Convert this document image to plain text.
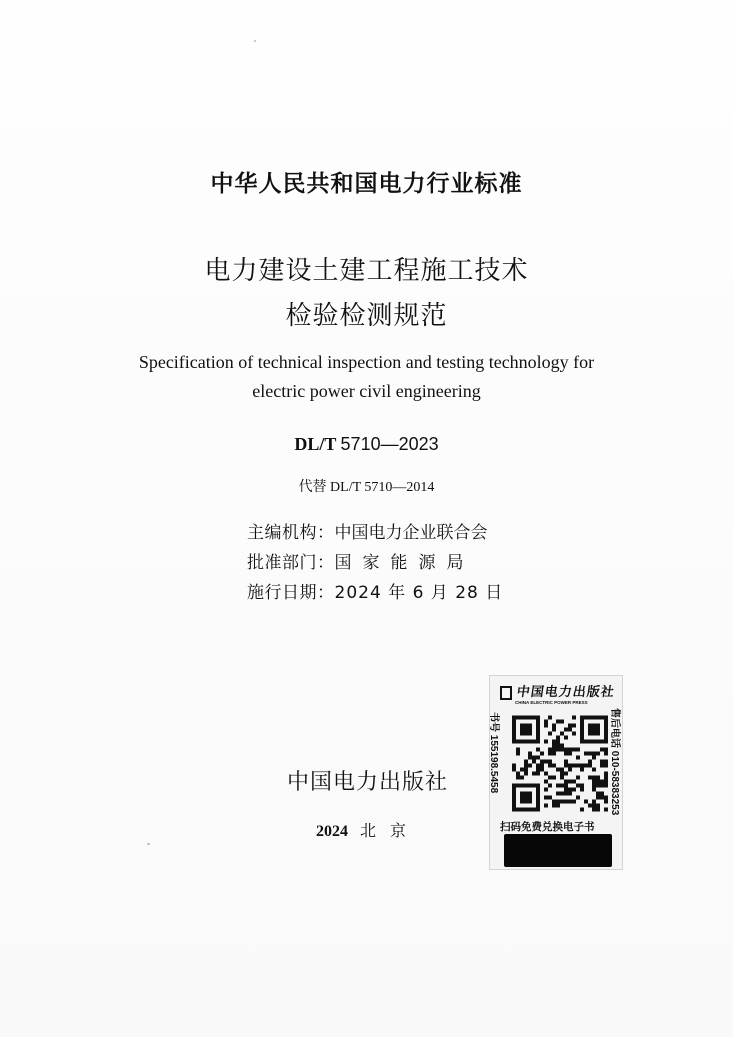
中华人民共和国电力行业标准
电力建设土建工程施工技术
检验检测规范
Specification of technical inspection and testing technology for
electric power civil engineering
DL/T 5710—2023
代替 DL/T 5710—2014
主编机构：中国电力企业联合会
批准部门：国家能源局
施行日期：2024 年 6 月 28 日
中国电力出版社
2024 北京
中国电力出版社
CHINA ELECTRIC POWER PRESS
书号 155198.5458	售后电话 010-58383253
扫码免费兑换电子书
